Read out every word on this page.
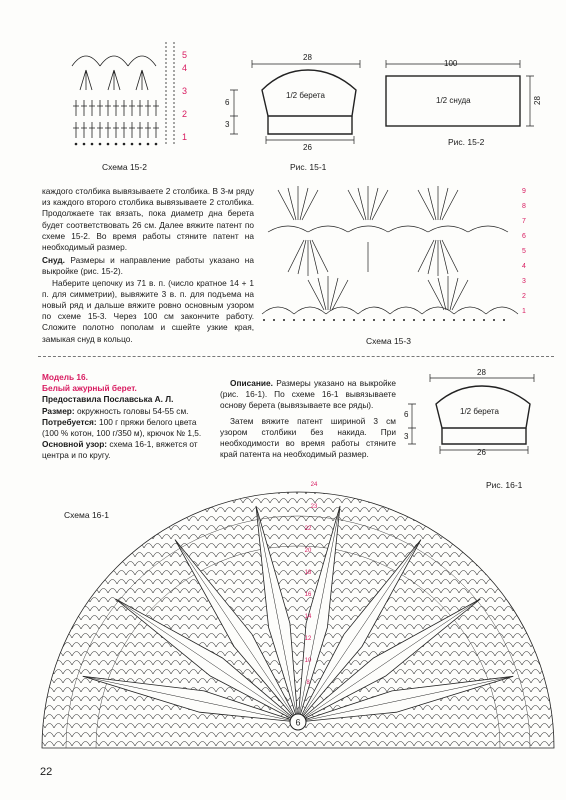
5
4
3
2
1
Схема 15-2
28
1/2 берета
6
3
26
Рис. 15-1
100
1/2 снуда	28
Рис. 15-2

каждого столбика вывязываете 2 столбика. В 3-м ряду из каждого второго столбика вывязываете 2 столбика. Продолжаете так вязать, пока диаметр дна берета будет соответствовать 26 см. Далее вяжите патент по схеме 15-2. Во время работы стяните патент на необходимый размер.

Снуд. Размеры и направление работы указано на выкройке (рис. 15-2).

Наберите цепочку из 71 в. п. (число кратное 14 + 1 п. для симметрии), вывяжите 3 в. п. для подъема на новый ряд и дальше вяжите ровно основным узором по схеме 15-3. Через 100 см закончите работу. Сложите полотно пополам и сшейте узкие края, замыкая снуд в кольцо.

9
8
7
6
5
4
3
2
1
Схема 15-3

Модель 16.

Белый ажурный берет.

Предоставила Пославська А. Л.

Размер: окружность головы 54-55 см.

Потребуется: 100 г пряжи белого цвета (100 % котон, 100 г/350 м), крючок № 1,5.

Основной узор: схема 16-1, вяжется от центра и по кругу.

Описание. Размеры указано на выкройке (рис. 16-1). По схеме 16-1 вывязываете основу берета (вывязываете все ряды).

Затем вяжите патент шириной 3 см узором столбики без накида. При необходимости во время работы стяните край патента на необходимый размер.

28
1/2 берета
6
3
26
Рис. 16-1
Схема 16-1
6
24
23
22
20
18
16
14
12
10
8
22
